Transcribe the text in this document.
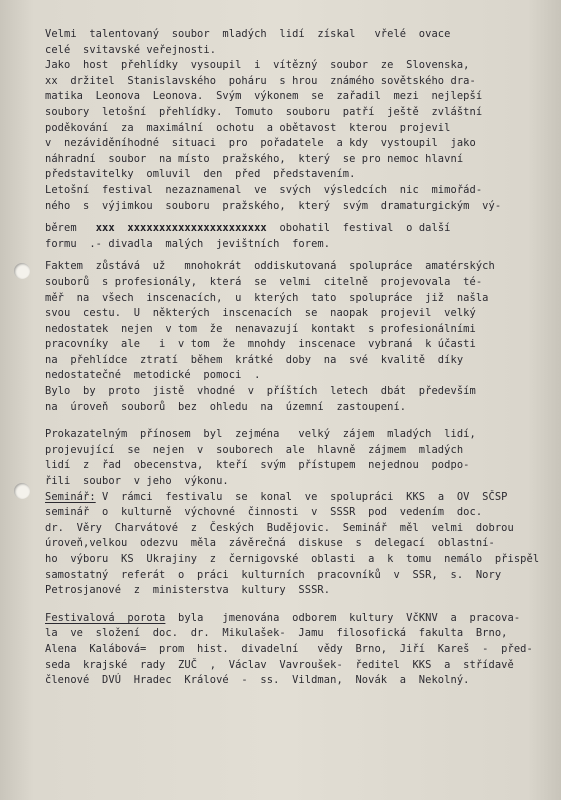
Velmi  talentovaný  soubor  mladých  lidí  získal   vřelé  ovace
celé  svitavské veřejnosti.
Jako  host  přehlídky  vysoupil  i  vítězný  soubor  ze  Slovenska,
xx  držitel  Stanislavského  poháru  s hrou  známého sovětského dra-
matika  Leonova  Leonova.  Svým  výkonem  se  zařadil  mezi  nejlepší
soubory  letošní  přehlídky.  Tomuto  souboru  patří  ještě  zvláštní
poděkování  za  maximální  ochotu  a obětavost  kterou  projevil
v  nezáviděníhodné  situaci  pro  pořadatele  a kdy  vystoupil  jako
náhradní  soubor  na místo  pražského,  který  se pro nemoc hlavní
představitelky  omluvil  den  před  představením.
Letošní  festival  nezaznamenal  ve  svých  výsledcích  nic  mimořád-
ného  s  výjimkou  souboru  pražského,  který  svým  dramaturgickým  vý-
běrem xxx  xxxxxxxxxxxxxxxxxxxxxx obohatil  festival  o další
formu  .- divadla  malých  jevištních  forem.
Faktem  zůstává  už   mnohokrát  oddiskutovaná  spolupráce  amatérských
souborů  s profesionály,  která  se  velmi  citelně  projevovala  té-
měř  na  všech  inscenacích,  u  kterých  tato  spolupráce  již  našla
svou  cestu.  U  některých  inscenacích  se  naopak  projevil  velký
nedostatek  nejen  v tom  že  nenavazují  kontakt  s profesionálními
pracovníky  ale   i  v tom  že  mnohdy  inscenace  vybraná  k účasti
na  přehlídce  ztratí  během  krátké  doby  na  své  kvalitě  díky
nedostatečné  metodické  pomoci  .
Bylo  by  proto  jistě  vhodné  v  příštích  letech  dbát  především
na  úroveň  souborů  bez  ohledu  na  územní  zastoupení.
Prokazatelným  přínosem  byl  zejména   velký  zájem  mladých  lidí,
projevující  se  nejen  v  souborech  ale  hlavně  zájmem  mladých
lidí  z  řad  obecenstva,  kteří  svým  přístupem  nejednou  podpo-
řili  soubor  v jeho  výkonu.
Seminář: V  rámci  festivalu  se  konal  ve  spolupráci  KKS  a  OV  SČSP
seminář  o  kulturně  výchovné  činnosti  v  SSSR  pod  vedením  doc.
dr.  Věry  Charvátové  z  Českých  Budějovic.  Seminář  měl  velmi  dobrou
úroveň,velkou  odezvu  měla  závěrečná  diskuse  s  delegací  oblastní-
ho  výboru  KS  Ukrajiny  z  černigovské  oblasti  a  k  tomu  nemálo  přispěl
samostatný  referát  o  práci  kulturních  pracovníků  v  SSR,  s.  Nory
Petrosjanové  z  ministerstva  kultury  SSSR.
Festivalová  porota  byla   jmenována  odborem  kultury  VčKNV  a  pracova-
la  ve  složení  doc.  dr.  Mikulašek-  Jamu  filosofická  fakulta  Brno,
Alena  Kalábová=  prom  hist.  divadelní   vědy  Brno,  Jiří  Kareš  -  před-
seda  krajské  rady  ZUČ  ,  Václav  Vavroušek-  ředitel  KKS  a  střídavě
členové  DVÚ  Hradec  Králové  -  ss.  Vildman,  Novák  a  Nekolný.
